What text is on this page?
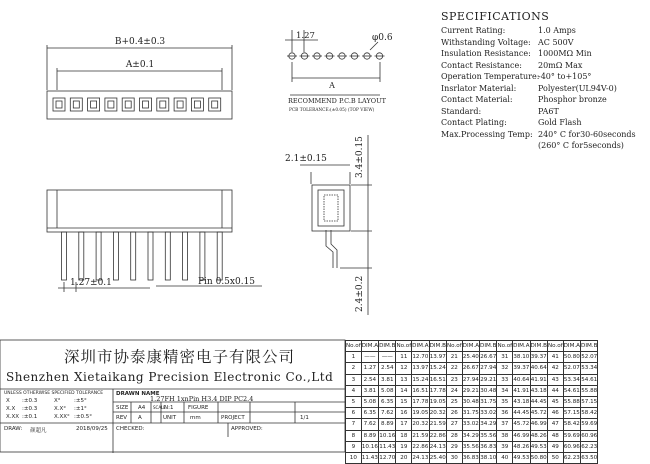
B+0.4±0.3
A±0.1
1.27	φ0.6
A
RECOMMEND P.C.B LAYOUT
PCB TOLERANCE:(±0.05) (TOP VIEW)
1.27±0.1	Pin 0.5x0.15
2.1±0.15	3.4±0.15
2.4±0.2
SPECIFICATIONS
Current Rating:	1.0 Amps
Withstanding Voltage: AC 500V
Insulation Resistance: 1000MΩ Min
Contact Resistance: 20mΩ Max
Operation Temperature:
-40° to+105°
Insrlator Material:	Polyester(UL94V-0)
Contact Material:	Phosphor bronze
Standard:	PA6T
Contact Plating:	Gold Flash
Max.Processing Temp: 240° C for30-60seconds
(260° C for5seconds)
深圳市协泰康精密电子有限公司
Shenzhen Xietaikang Precision Electronic Co.,Ltd
UNLESS OTHERWISE SPECIFIED TOLERANCE
X :±0.3	X° :±5°
X.X :±0.3	X.X° :±1°
X.XX :±0.1	X.XX° :±0.5°
DRAW: 颜超凡	2018/09/25
DRAWN NAME
1.27FH 1xnPin H3.4 DIP PC2.4
SIZE A4 SCALE
N:1	FIGURE
REV A	UNIT	mm	PROJECT	1/1
CHECKED:	APPROVED:
No.of	DIM.A	DIM.B	No.of	DIM.A	DIM.B	No.of	DIM.A	DIM.B	No.of	DIM.A	DIM.B	No.of	DIM.A	DIM.B
1	——	——	11	12.70	13.97	21	25.40	26.67	31	38.10	39.37	41	50.80	52.07
2	1.27	2.54	12	13.97	15.24	22	26.67	27.94	32	39.37	40.64	42	52.07	53.34
3	2.54	3.81	13	15.24	16.51	23	27.94	29.21	33	40.64	41.91	43	53.34	54.61
4	3.81	5.08	14	16.51	17.78	24	29.21	30.48	34	41.91	43.18	44	54.61	55.88
5	5.08	6.35	15	17.78	19.05	25	30.48	31.75	35	43.18	44.45	45	55.88	57.15
6	6.35	7.62	16	19.05	20.32	26	31.75	33.02	36	44.45	45.72	46	57.15	58.42
7	7.62	8.89	17	20.32	21.59	27	33.02	34.29	37	45.72	46.99	47	58.42	59.69
8	8.89	10.16	18	21.59	22.86	28	34.29	35.56	38	46.99	48.26	48	59.69	60.96
9	10.16	11.43	19	22.86	24.13	29	35.56	36.83	39	48.26	49.53	49	60.96	62.23
10	11.43	12.70	20	24.13	25.40	30	36.83	38.10	40	49.53	50.80	50	62.23	63.50
